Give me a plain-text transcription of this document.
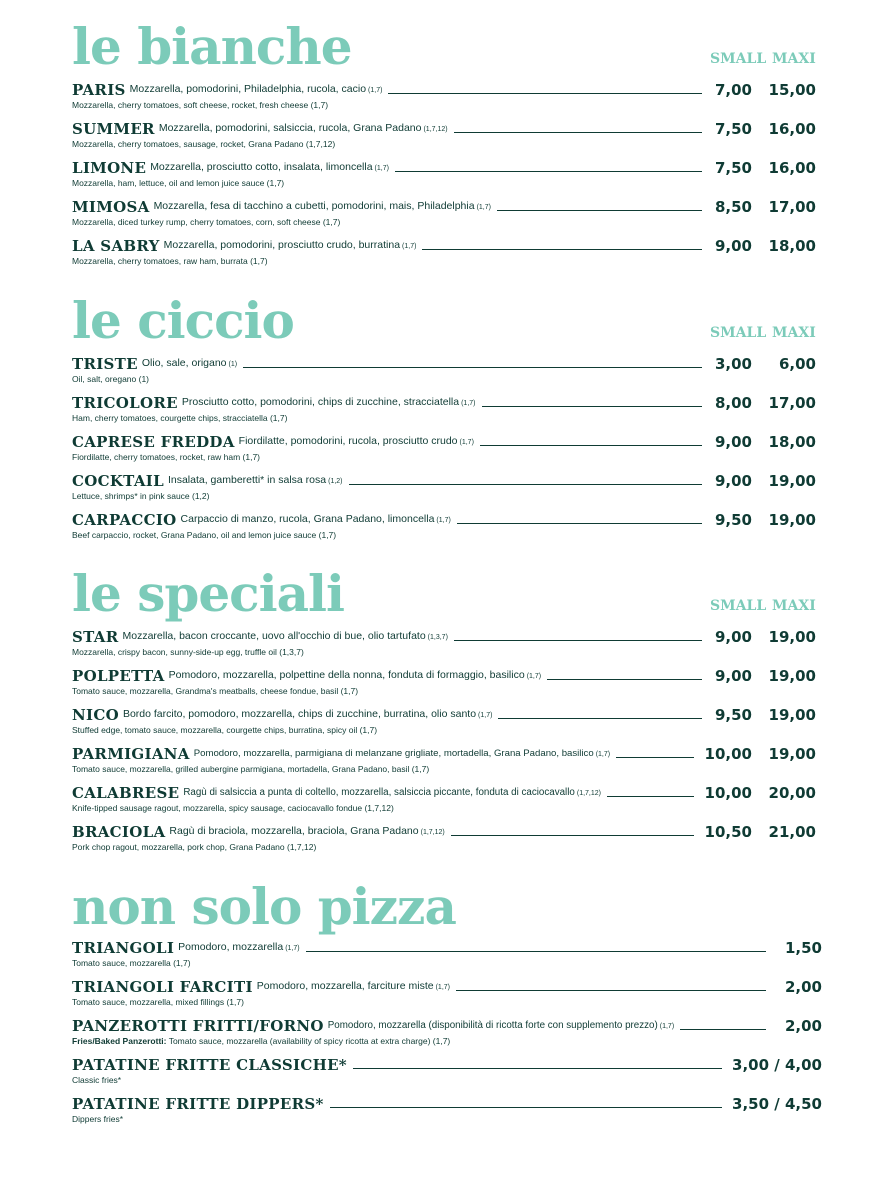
le bianche	SMALL MAXI
PARIS Mozzarella, pomodorini, Philadelphia, rucola, cacio (1,7)
Mozzarella, cherry tomatoes, soft cheese, rocket, fresh cheese (1,7)
7,00 15,00
SUMMER Mozzarella, pomodorini, salsiccia, rucola, Grana Padano (1,7,12)
Mozzarella, cherry tomatoes, sausage, rocket, Grana Padano (1,7,12)
7,50 16,00
LIMONE Mozzarella, prosciutto cotto, insalata, limoncella (1,7)
Mozzarella, ham, lettuce, oil and lemon juice sauce (1,7)
7,50 16,00
MIMOSA Mozzarella, fesa di tacchino a cubetti, pomodorini, mais, Philadelphia (1,7)
Mozzarella, diced turkey rump, cherry tomatoes, corn, soft cheese (1,7)
8,50 17,00
LA SABRY Mozzarella, pomodorini, prosciutto crudo, burratina (1,7)
Mozzarella, cherry tomatoes, raw ham, burrata (1,7)
9,00 18,00
le ciccio	SMALL MAXI
TRISTE Olio, sale, origano (1)
Oil, salt, oregano (1)
3,00 6,00
TRICOLORE Prosciutto cotto, pomodorini, chips di zucchine, stracciatella (1,7)
Ham, cherry tomatoes, courgette chips, stracciatella (1,7)
8,00 17,00
CAPRESE FREDDA Fiordilatte, pomodorini, rucola, prosciutto crudo (1,7)
Fiordilatte, cherry tomatoes, rocket, raw ham (1,7)
9,00 18,00
COCKTAIL Insalata, gamberetti* in salsa rosa (1,2)
Lettuce, shrimps* in pink sauce (1,2)
9,00 19,00
CARPACCIO Carpaccio di manzo, rucola, Grana Padano, limoncella (1,7)
Beef carpaccio, rocket, Grana Padano, oil and lemon juice sauce (1,7)
9,50 19,00
le speciali	SMALL MAXI
STAR Mozzarella, bacon croccante, uovo all'occhio di bue, olio tartufato (1,3,7)
Mozzarella, crispy bacon, sunny-side-up egg, truffle oil (1,3,7)
9,00 19,00
POLPETTA Pomodoro, mozzarella, polpettine della nonna, fonduta di formaggio, basilico (1,7)
Tomato sauce, mozzarella, Grandma's meatballs, cheese fondue, basil (1,7)
9,00 19,00
NICO Bordo farcito, pomodoro, mozzarella, chips di zucchine, burratina, olio santo (1,7)
Stuffed edge, tomato sauce, mozzarella, courgette chips, burratina, spicy oil (1,7)
9,50 19,00
PARMIGIANA Pomodoro, mozzarella, parmigiana di melanzane grigliate, mortadella, Grana Padano, basilico (1,7)
Tomato sauce, mozzarella, grilled aubergine parmigiana, mortadella, Grana Padano, basil (1,7)
10,00 19,00
CALABRESE Ragù di salsiccia a punta di coltello, mozzarella, salsiccia piccante, fonduta di caciocavallo (1,7,12)
Knife-tipped sausage ragout, mozzarella, spicy sausage, caciocavallo fondue (1,7,12)
10,00 20,00
BRACIOLA Ragù di braciola, mozzarella, braciola, Grana Padano (1,7,12)
Pork chop ragout, mozzarella, pork chop, Grana Padano (1,7,12)
10,50 21,00
non solo pizza
TRIANGOLI Pomodoro, mozzarella (1,7)
Tomato sauce, mozzarella (1,7)
1,50
TRIANGOLI FARCITI Pomodoro, mozzarella, farciture miste (1,7)
Tomato sauce, mozzarella, mixed fillings (1,7)
2,00
PANZEROTTI FRITTI/FORNO Pomodoro, mozzarella (disponibilità di ricotta forte con supplemento prezzo) (1,7)
Fries/Baked Panzerotti: Tomato sauce, mozzarella (availability of spicy ricotta at extra charge) (1,7)
2,00
PATATINE FRITTE CLASSICHE*
Classic fries*
3,00 / 4,00
PATATINE FRITTE DIPPERS*
Dippers fries*
3,50 / 4,50
